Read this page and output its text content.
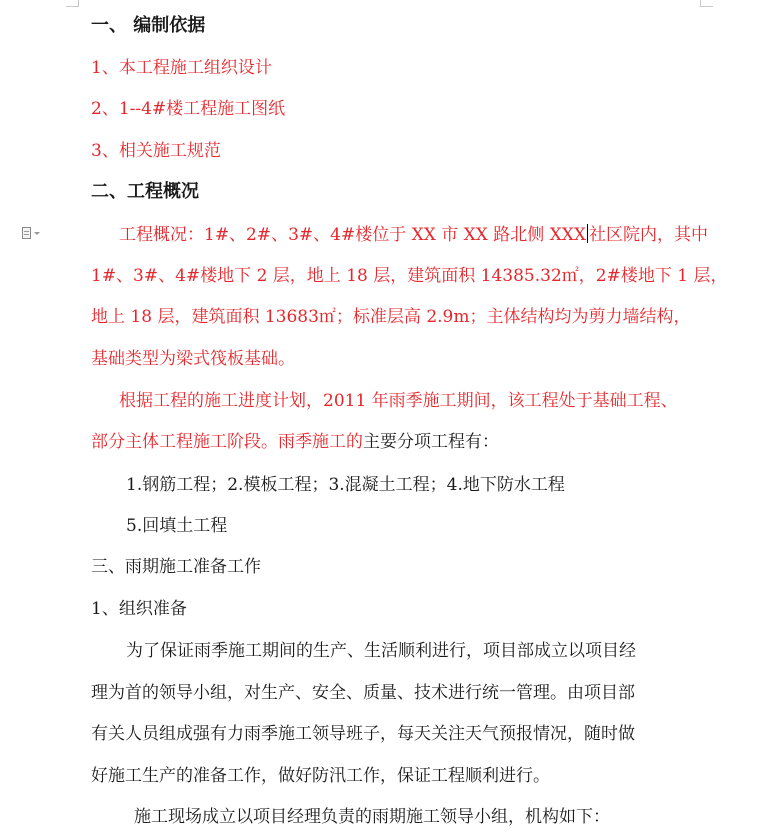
一、 编制依据
1、本工程施工组织设计
2、1--4#楼工程施工图纸
3、相关施工规范
二、工程概况
工程概况：1#、2#、3#、4#楼位于 XX 市 XX 路北侧 XXX 社区院内，其中
1#、3#、4#楼地下 2 层，地上 18 层，建筑面积 14385.32㎡，2#楼地下 1 层，
地上 18 层，建筑面积 13683㎡；标准层高 2.9m；主体结构均为剪力墙结构，
基础类型为梁式筏板基础。
根据工程的施工进度计划，2011 年雨季施工期间，该工程处于基础工程、
部分主体工程施工阶段。雨季施工的主要分项工程有：
1.钢筋工程；2.模板工程；3.混凝土工程；4.地下防水工程
5.回填土工程
三、雨期施工准备工作
1、组织准备
为了保证雨季施工期间的生产、生活顺利进行，项目部成立以项目经
理为首的领导小组，对生产、安全、质量、技术进行统一管理。由项目部
有关人员组成强有力雨季施工领导班子，每天关注天气预报情况，随时做
好施工生产的准备工作，做好防汛工作，保证工程顺利进行。
施工现场成立以项目经理负责的雨期施工领导小组，机构如下：
